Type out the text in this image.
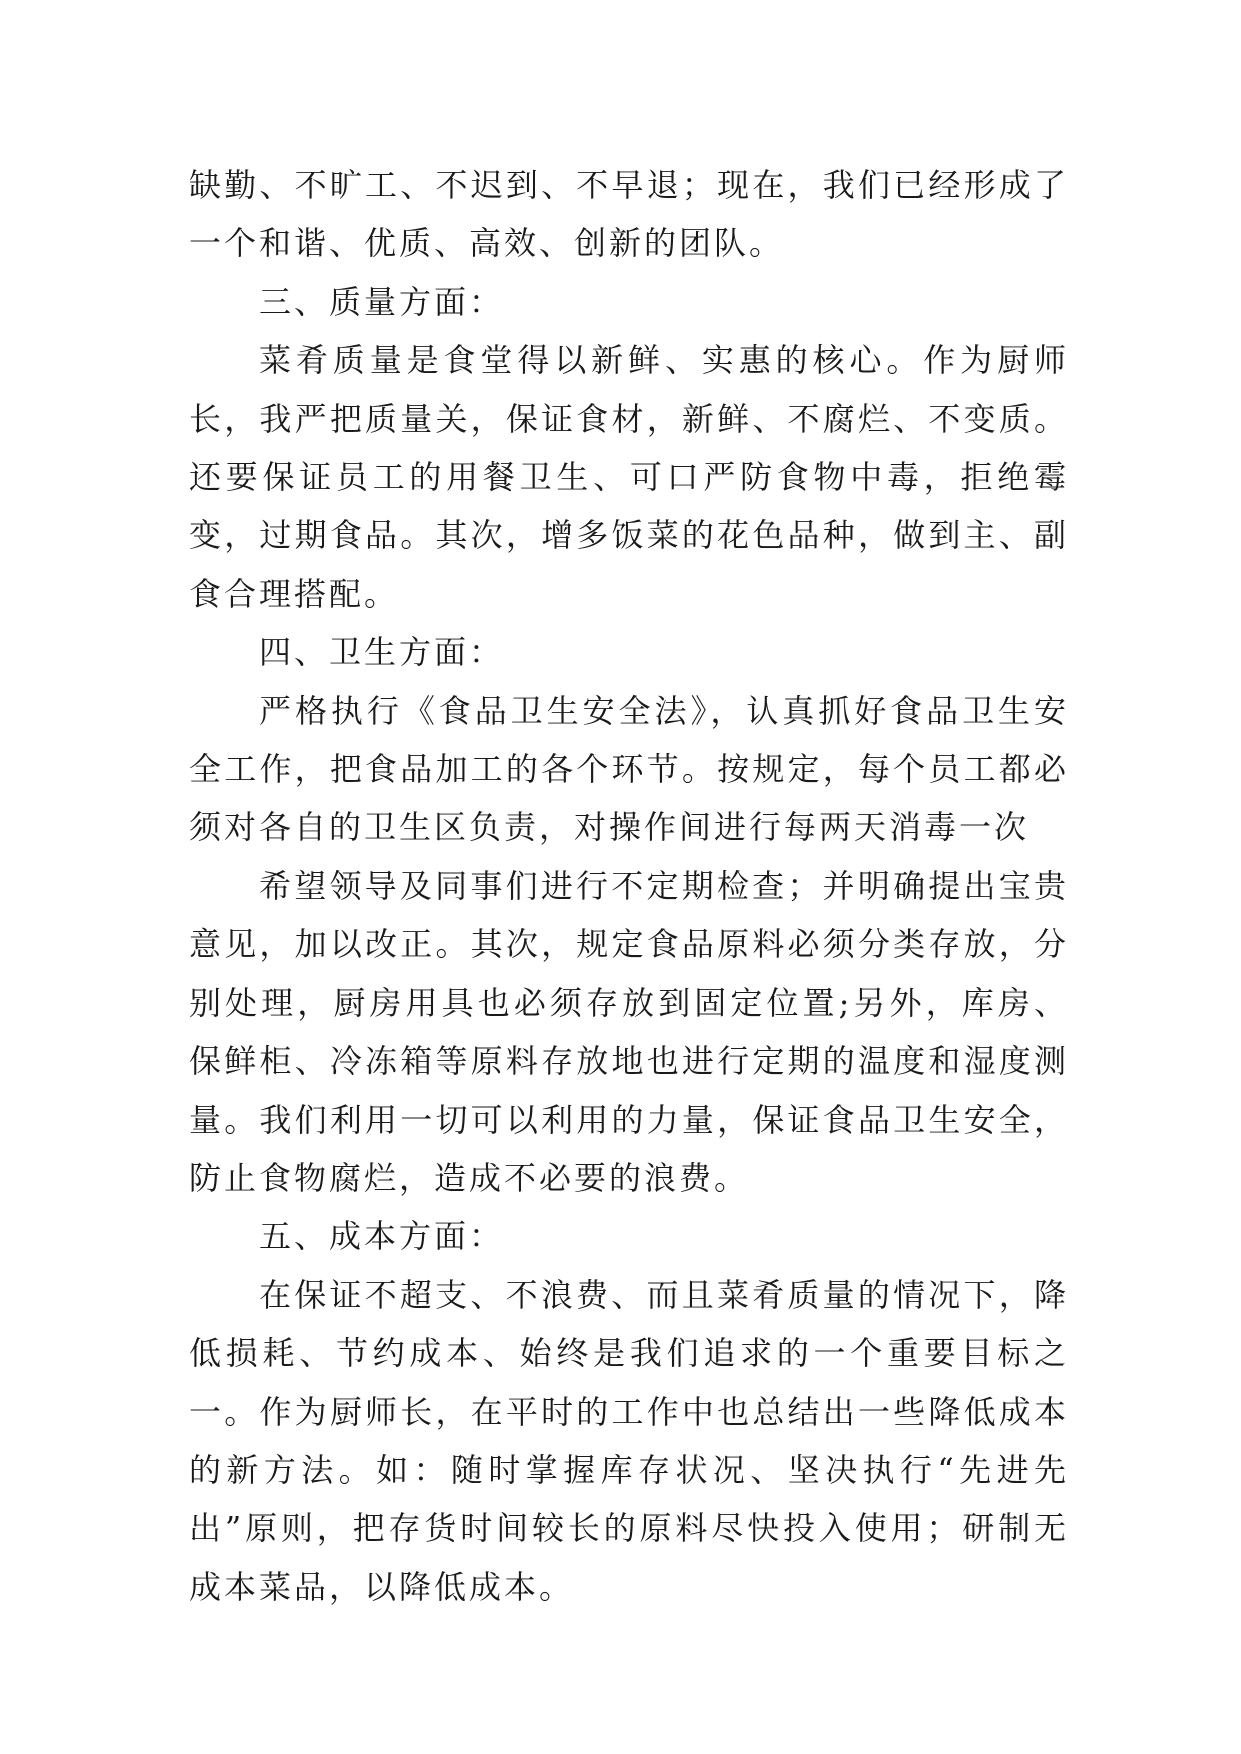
缺勤、不旷工、不迟到、不早退；现在，我们已经形成了一个和谐、优质、高效、创新的团队。

三、质量方面：

菜肴质量是食堂得以新鲜、实惠的核心。作为厨师长，我严把质量关，保证食材，新鲜、不腐烂、不变质。还要保证员工的用餐卫生、可口严防食物中毒，拒绝霉变，过期食品。其次，增多饭菜的花色品种，做到主、副食合理搭配。

四、卫生方面：

严格执行《食品卫生安全法》，认真抓好食品卫生安全工作，把食品加工的各个环节。按规定，每个员工都必须对各自的卫生区负责，对操作间进行每两天消毒一次

希望领导及同事们进行不定期检查；并明确提出宝贵意见，加以改正。其次，规定食品原料必须分类存放，分别处理，厨房用具也必须存放到固定位置;另外，库房、保鲜柜、冷冻箱等原料存放地也进行定期的温度和湿度测量。我们利用一切可以利用的力量，保证食品卫生安全，防止食物腐烂，造成不必要的浪费。

五、成本方面：

在保证不超支、不浪费、而且菜肴质量的情况下，降低损耗、节约成本、始终是我们追求的一个重要目标之一。作为厨师长，在平时的工作中也总结出一些降低成本的新方法。如：随时掌握库存状况、坚决执行“先进先出”原则，把存货时间较长的原料尽快投入使用；研制无成本菜品，以降低成本。
